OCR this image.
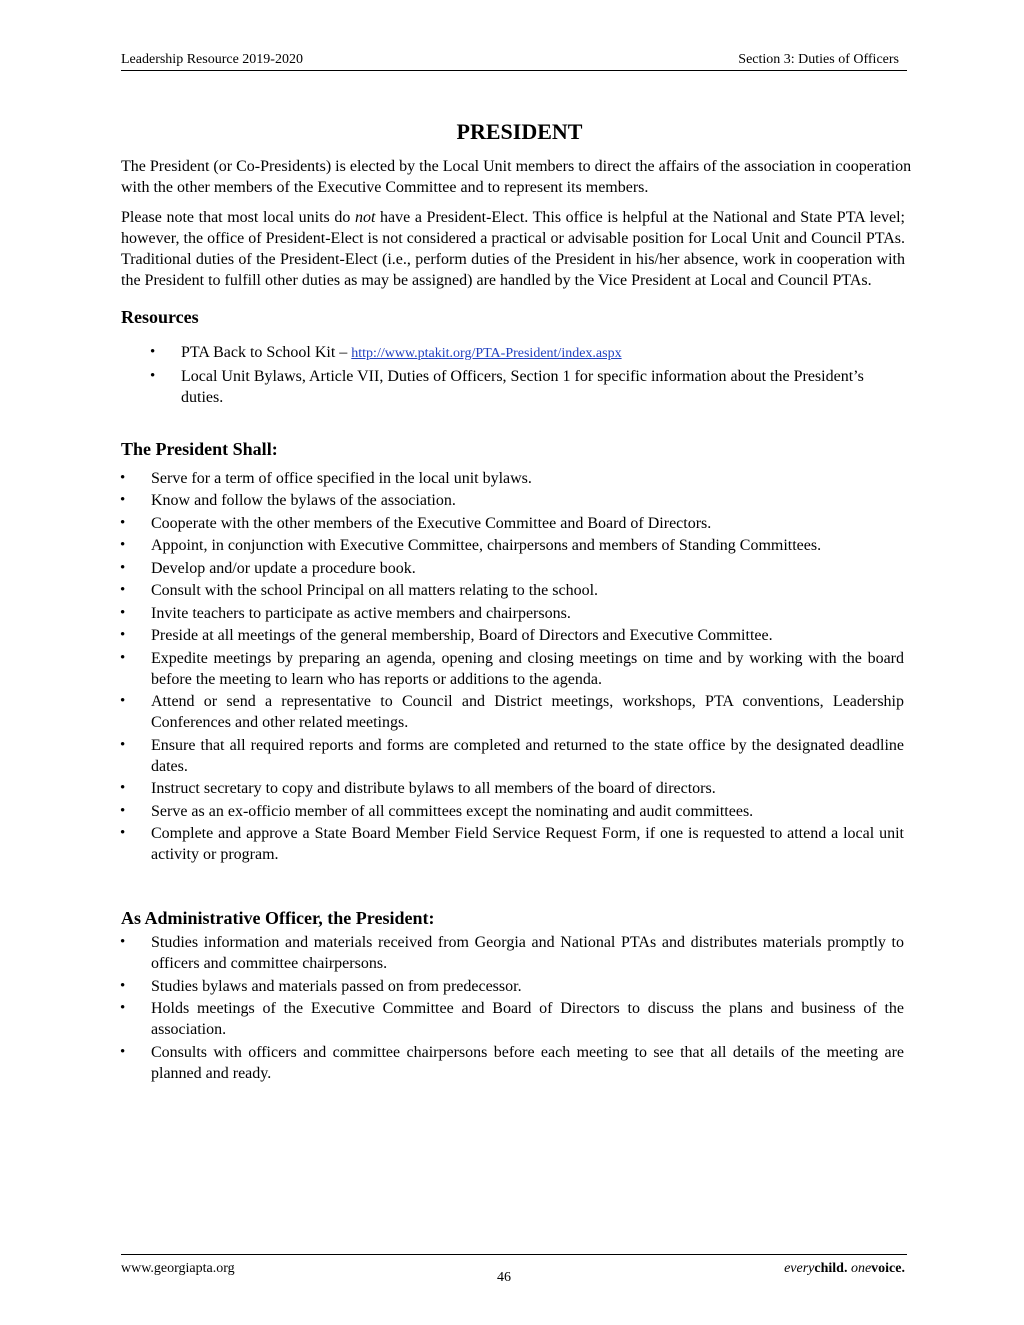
Leadership Resource 2019-2020	Section 3: Duties of Officers
PRESIDENT

The President (or Co-Presidents) is elected by the Local Unit members to direct the affairs of the association in cooperation with the other members of the Executive Committee and to represent its members.

Please note that most local units do not have a President-Elect. This office is helpful at the National and State PTA level; however, the office of President-Elect is not considered a practical or advisable position for Local Unit and Council PTAs. Traditional duties of the President-Elect (i.e., perform duties of the President in his/her absence, work in cooperation with the President to fulfill other duties as may be assigned) are handled by the Vice President at Local and Council PTAs.

Resources
• PTA Back to School Kit – http://www.ptakit.org/PTA-President/index.aspx
• Local Unit Bylaws, Article VII, Duties of Officers, Section 1 for specific information about the President’s duties.
The President Shall:
• Serve for a term of office specified in the local unit bylaws.
• Know and follow the bylaws of the association.
• Cooperate with the other members of the Executive Committee and Board of Directors.
• Appoint, in conjunction with Executive Committee, chairpersons and members of Standing Committees.
• Develop and/or update a procedure book.
• Consult with the school Principal on all matters relating to the school.
• Invite teachers to participate as active members and chairpersons.
• Preside at all meetings of the general membership, Board of Directors and Executive Committee.
• Expedite meetings by preparing an agenda, opening and closing meetings on time and by working with the board before the meeting to learn who has reports or additions to the agenda.
• Attend or send a representative to Council and District meetings, workshops, PTA conventions, Leadership Conferences and other related meetings.
• Ensure that all required reports and forms are completed and returned to the state office by the designated deadline dates.
• Instruct secretary to copy and distribute bylaws to all members of the board of directors.
• Serve as an ex-officio member of all committees except the nominating and audit committees.
• Complete and approve a State Board Member Field Service Request Form, if one is requested to attend a local unit activity or program.
As Administrative Officer, the President:
• Studies information and materials received from Georgia and National PTAs and distributes materials promptly to officers and committee chairpersons.
• Studies bylaws and materials passed on from predecessor.
• Holds meetings of the Executive Committee and Board of Directors to discuss the plans and business of the association.
• Consults with officers and committee chairpersons before each meeting to see that all details of the meeting are planned and ready.
www.georgiapta.org
46
everychild. onevoice.
